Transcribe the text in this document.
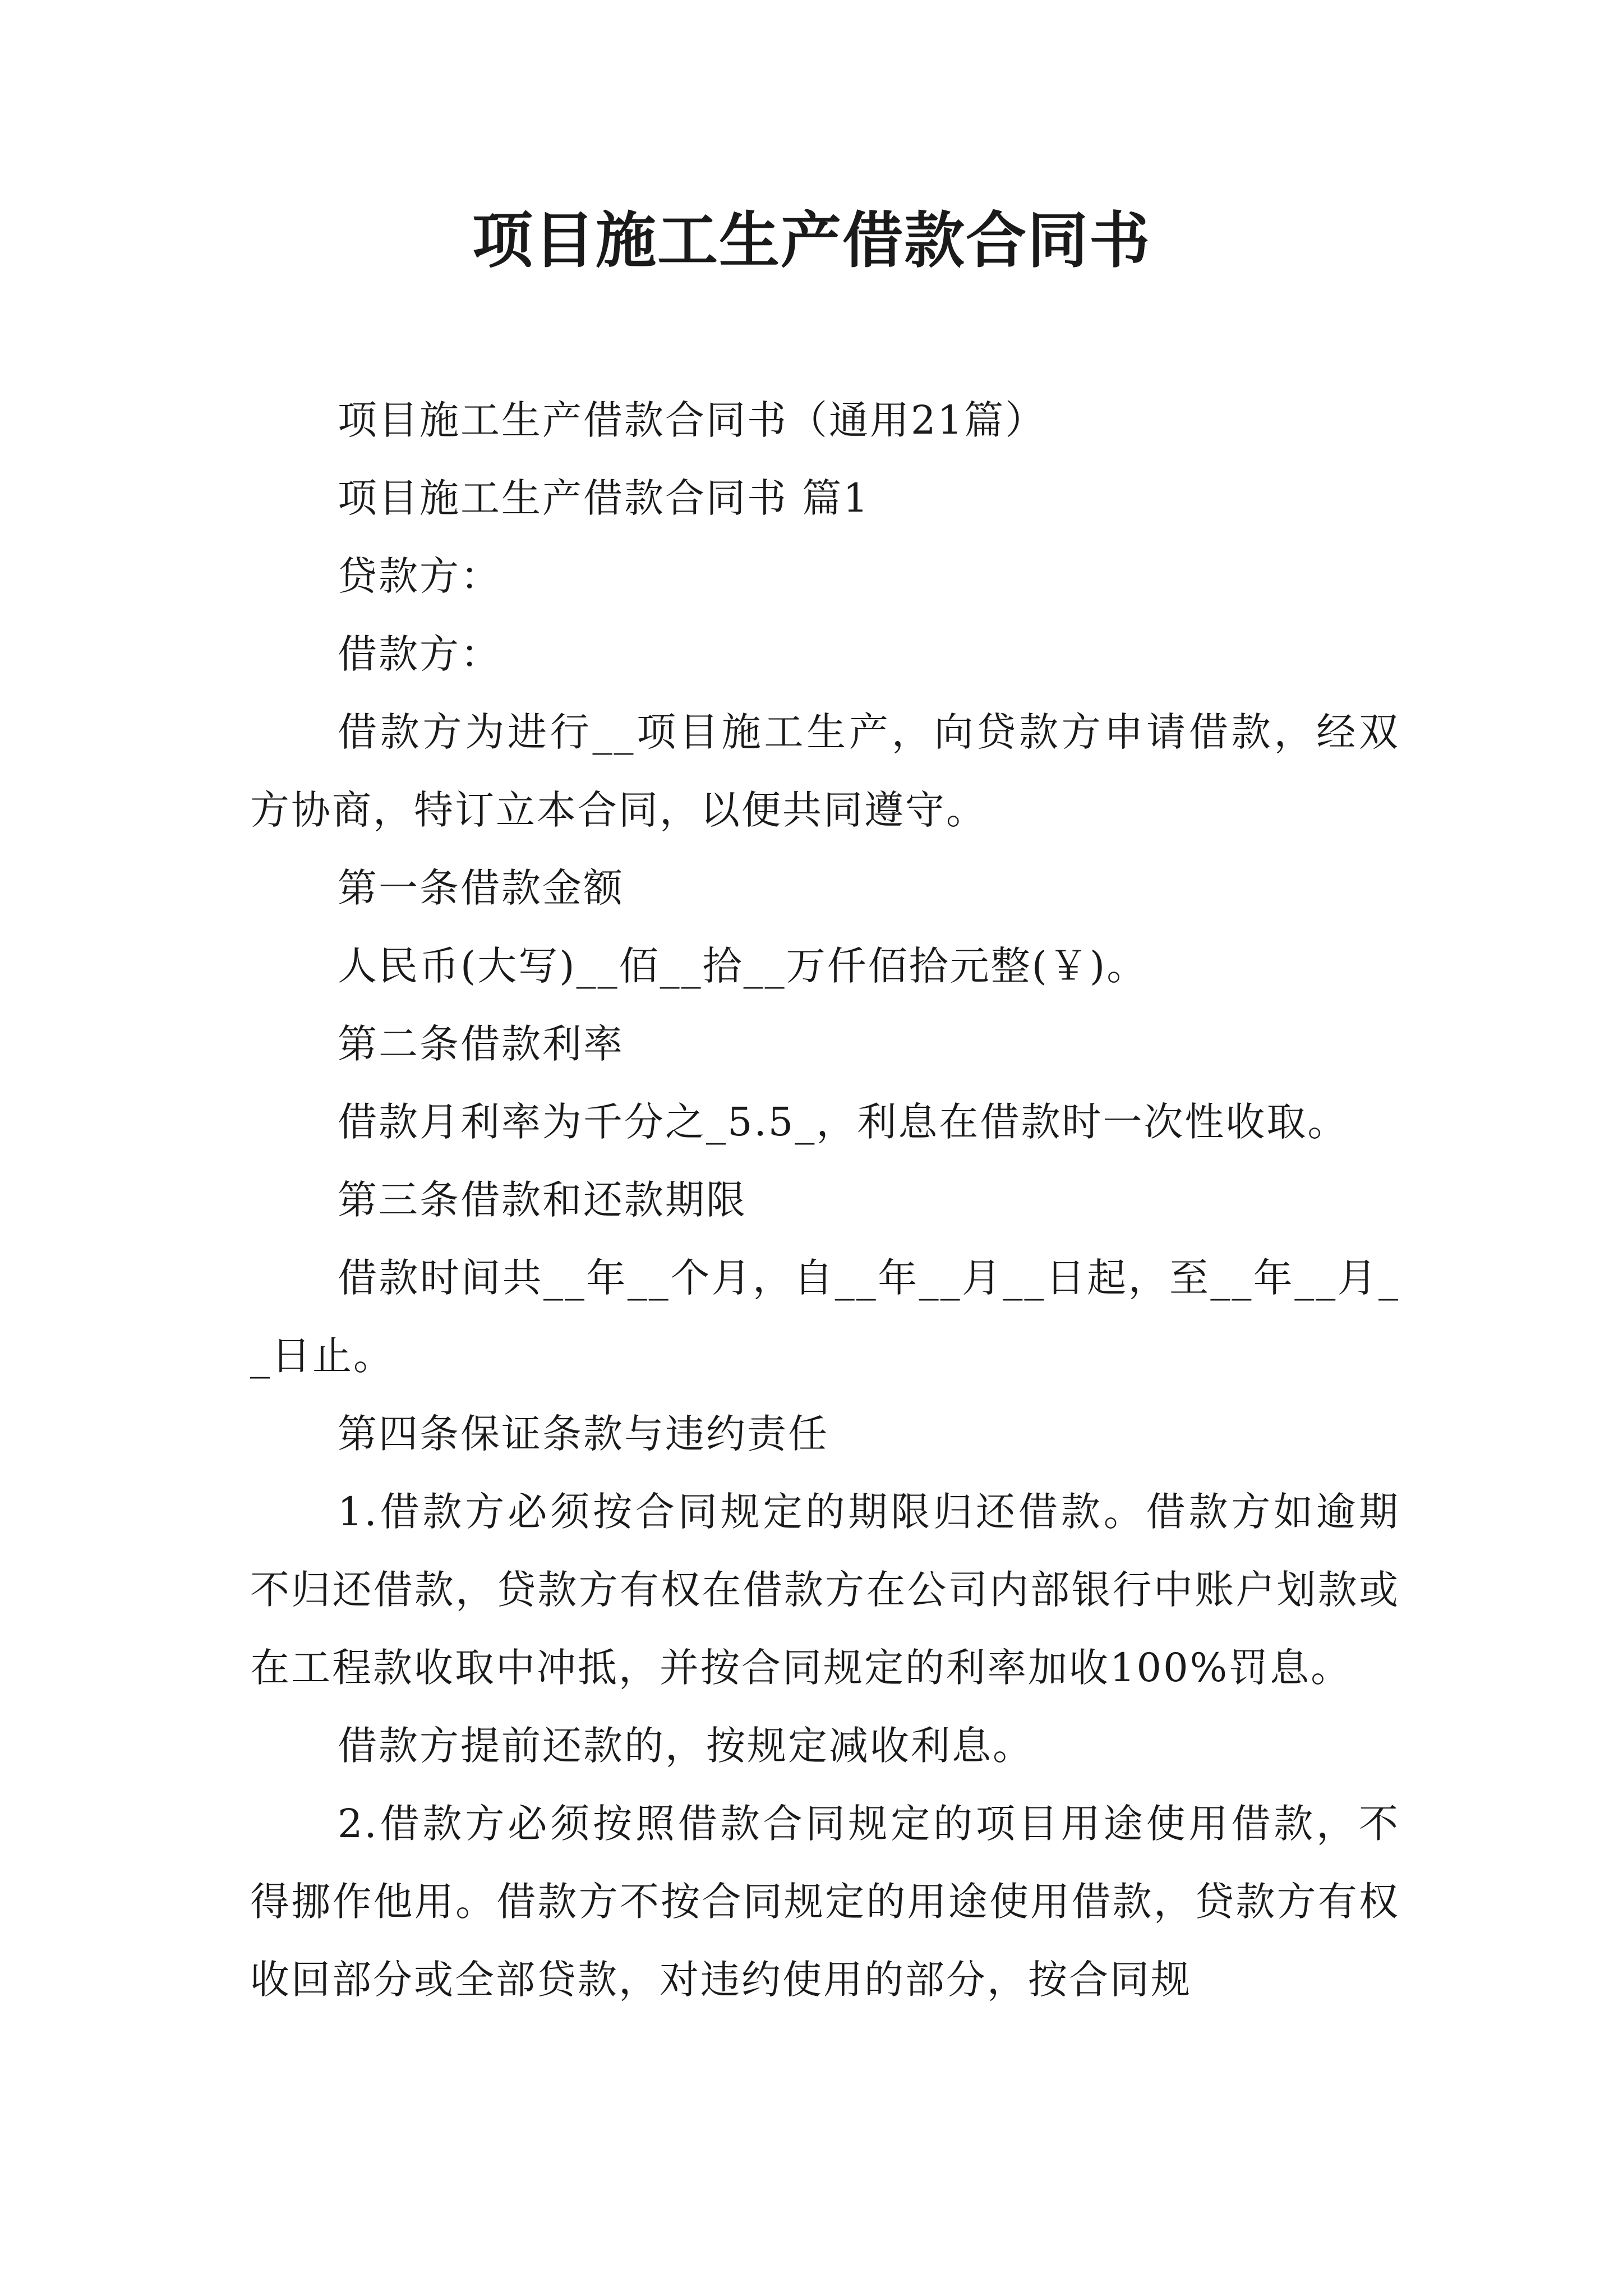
项目施工生产借款合同书

项目施工生产借款合同书（通用21篇）

项目施工生产借款合同书 篇1

贷款方：

借款方：

借款方为进行__项目施工生产，向贷款方申请借款，经双方协商，特订立本合同，以便共同遵守。

第一条借款金额

人民币(大写)__佰__拾__万仟佰拾元整(￥)。

第二条借款利率

借款月利率为千分之_5.5_，利息在借款时一次性收取。

第三条借款和还款期限

借款时间共__年__个月，自__年__月__日起，至__年__月__日止。

第四条保证条款与违约责任

1.借款方必须按合同规定的期限归还借款。借款方如逾期不归还借款，贷款方有权在借款方在公司内部银行中账户划款或在工程款收取中冲抵，并按合同规定的利率加收100%罚息。

借款方提前还款的，按规定减收利息。

2.借款方必须按照借款合同规定的项目用途使用借款，不得挪作他用。借款方不按合同规定的用途使用借款，贷款方有权收回部分或全部贷款，对违约使用的部分，按合同规
